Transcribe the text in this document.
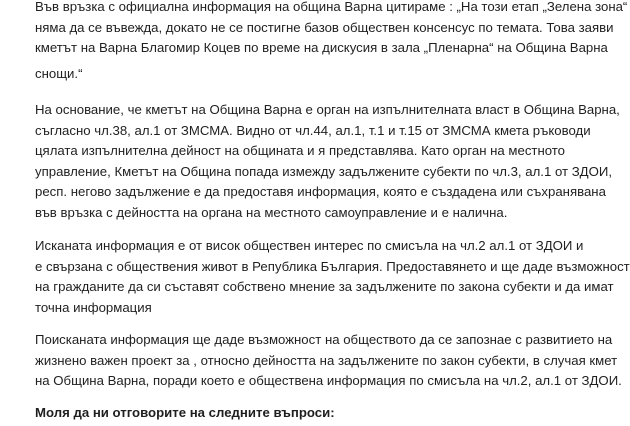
Във връзка с официална информация на община Варна цитираме : „На този етап „Зелена зона“
няма да се въвежда, докато не се постигне базов обществен консенсус по темата. Това заяви
кметът на Варна Благомир Коцев по време на дискусия в зала „Пленарна“ на Община Варна
снощи.“
На основание, че кметът на Община Варна е орган на изпълнителната власт в Община Варна,
съгласно чл.38, ал.1 от ЗМСМА. Видно от чл.44, ал.1, т.1 и т.15 от ЗМСМА кмета ръководи
цялата изпълнителна дейност на общината и я представлява. Като орган на местното
управление, Кметът на Община попада измежду задължените субекти по чл.3, ал.1 от ЗДОИ,
респ. негово задължение е да предоставя информация, която е създадена или съхранявана
във връзка с дейността на органа на местното самоуправление и е налична.
Исканата информация е от висок обществен интерес по смисъла на чл.2 ал.1 от ЗДОИ и
е свързана с обществения живот в Република България. Предоставянето и ще даде възможност
на гражданите да си съставят собствено мнение за задължените по закона субекти и да имат
точна информация
Поисканата информация ще даде възможност на обществото да се запознае с развитието на
жизнено важен проект за , относно дейността на задължените по закон субекти, в случая кмет
на Община Варна, поради което е обществена информация по смисъла на чл.2, ал.1 от ЗДОИ.
Моля да ни отговорите на следните въпроси:
